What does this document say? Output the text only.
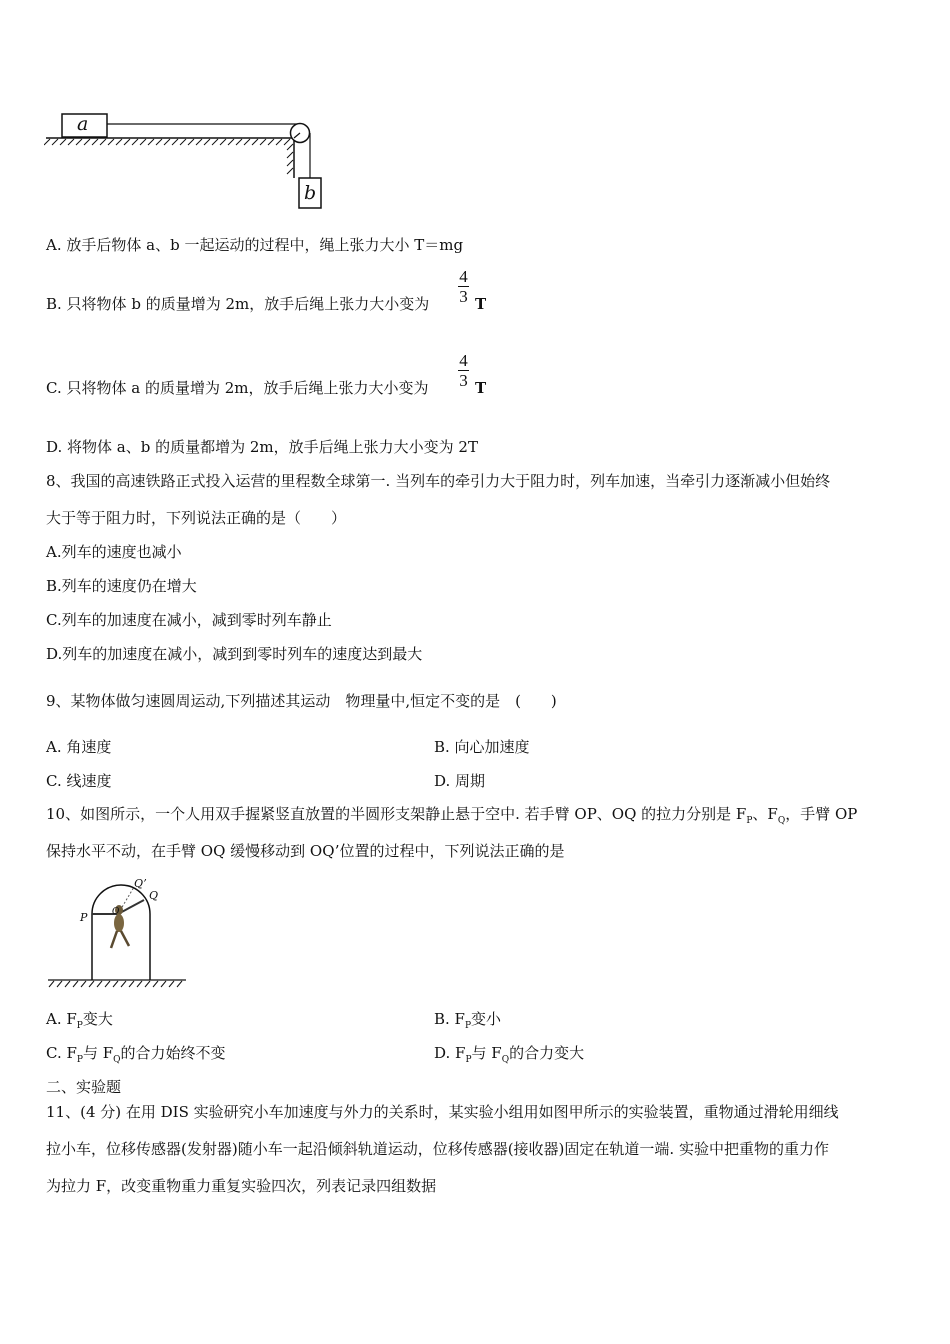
a
b
A. 放手后物体 a、b 一起运动的过程中，绳上张力大小 T＝mg
B. 只将物体 b 的质量增为 2m，放手后绳上张力大小变为
4
3 T
C. 只将物体 a 的质量增为 2m，放手后绳上张力大小变为
4
3 T
D. 将物体 a、b 的质量都增为 2m，放手后绳上张力大小变为 2T
8、我国的高速铁路正式投入运营的里程数全球第一. 当列车的牵引力大于阻力时，列车加速，当牵引力逐渐减小但始终
大于等于阻力时，下列说法正确的是（　　）
A.列车的速度也减小
B.列车的速度仍在增大
C.列车的加速度在减小，减到零时列车静止
D.列车的加速度在减小，减到到零时列车的速度达到最大
9、某物体做匀速圆周运动,下列描述其运动　物理量中,恒定不变的是　(　　)
A. 角速度	B. 向心加速度
C. 线速度	D. 周期
10、如图所示，一个人用双手握紧竖直放置的半圆形支架静止悬于空中. 若手臂 OP、OQ 的拉力分别是 $F_P$、$F_Q$，手臂 OP
保持水平不动，在手臂 OQ 缓慢移动到 OQ’位置的过程中，下列说法正确的是
P
Q
Q’
O
A. $F_P$变大	B. $F_P$变小
C. $F_P$与 $F_Q$的合力始终不变	D. $F_P$与 $F_Q$的合力变大
二、实验题
11、(4 分) 在用 DIS 实验研究小车加速度与外力的关系时，某实验小组用如图甲所示的实验装置，重物通过滑轮用细线
拉小车，位移传感器(发射器)随小车一起沿倾斜轨道运动，位移传感器(接收器)固定在轨道一端. 实验中把重物的重力作
为拉力 F，改变重物重力重复实验四次，列表记录四组数据
